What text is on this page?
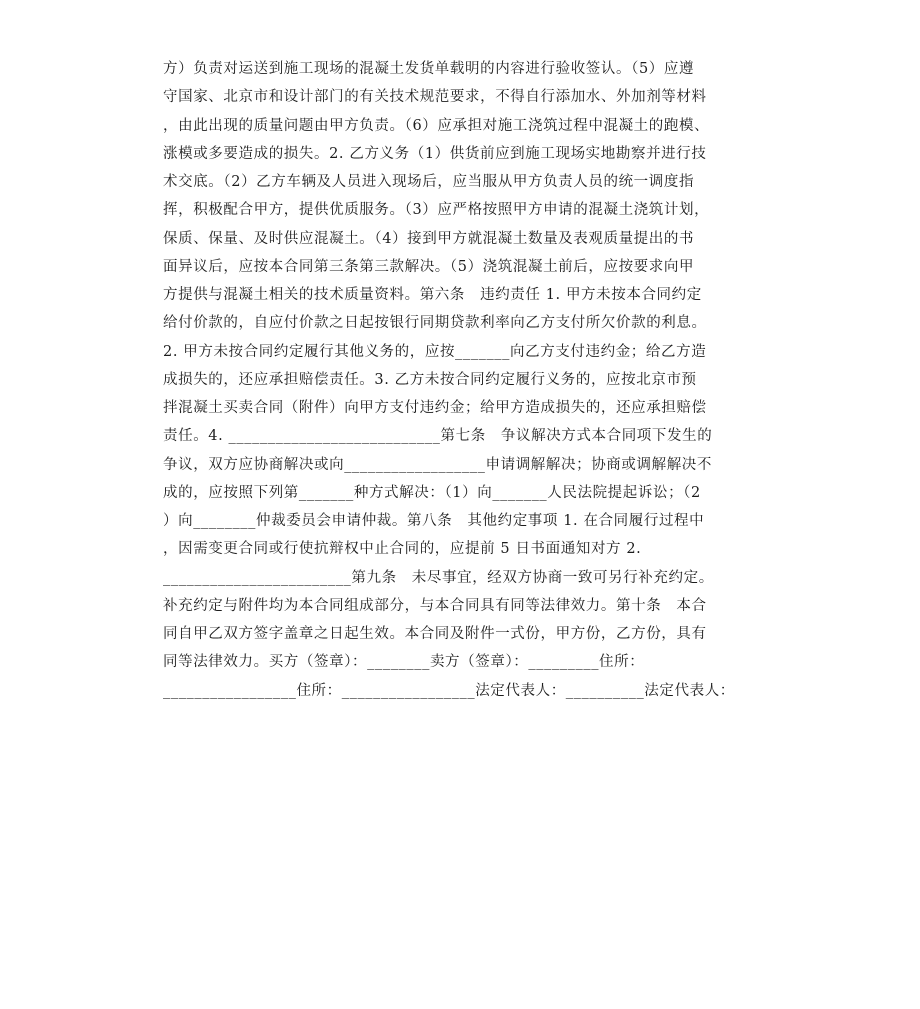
方）负责对运送到施工现场的混凝土发货单载明的内容进行验收签认。（5）应遵
守国家、北京市和设计部门的有关技术规范要求，不得自行添加水、外加剂等材料
，由此出现的质量问题由甲方负责。（6）应承担对施工浇筑过程中混凝土的跑模、
涨模或多要造成的损失。2. 乙方义务（1）供货前应到施工现场实地勘察并进行技
术交底。（2）乙方车辆及人员进入现场后，应当服从甲方负责人员的统一调度指
挥，积极配合甲方，提供优质服务。（3）应严格按照甲方申请的混凝土浇筑计划，
保质、保量、及时供应混凝土。（4）接到甲方就混凝土数量及表观质量提出的书
面异议后，应按本合同第三条第三款解决。（5）浇筑混凝土前后，应按要求向甲
方提供与混凝土相关的技术质量资料。第六条　违约责任 1. 甲方未按本合同约定
给付价款的，自应付价款之日起按银行同期贷款利率向乙方支付所欠价款的利息。
2. 甲方未按合同约定履行其他义务的，应按_______向乙方支付违约金；给乙方造
成损失的，还应承担赔偿责任。3. 乙方未按合同约定履行义务的，应按北京市预
拌混凝土买卖合同（附件）向甲方支付违约金；给甲方造成损失的，还应承担赔偿
责任。4. ___________________________第七条　争议解决方式本合同项下发生的
争议，双方应协商解决或向__________________申请调解解决；协商或调解解决不
成的，应按照下列第_______种方式解决：（1）向_______人民法院提起诉讼；（2
）向________仲裁委员会申请仲裁。第八条　其他约定事项 1. 在合同履行过程中
，因需变更合同或行使抗辩权中止合同的，应提前 5 日书面通知对方 2.
________________________第九条　未尽事宜，经双方协商一致可另行补充约定。
补充约定与附件均为本合同组成部分，与本合同具有同等法律效力。第十条　本合
同自甲乙双方签字盖章之日起生效。本合同及附件一式份，甲方份，乙方份，具有
同等法律效力。买方（签章）：________卖方（签章）：_________住所：
_________________住所：_________________法定代表人：__________法定代表人：
